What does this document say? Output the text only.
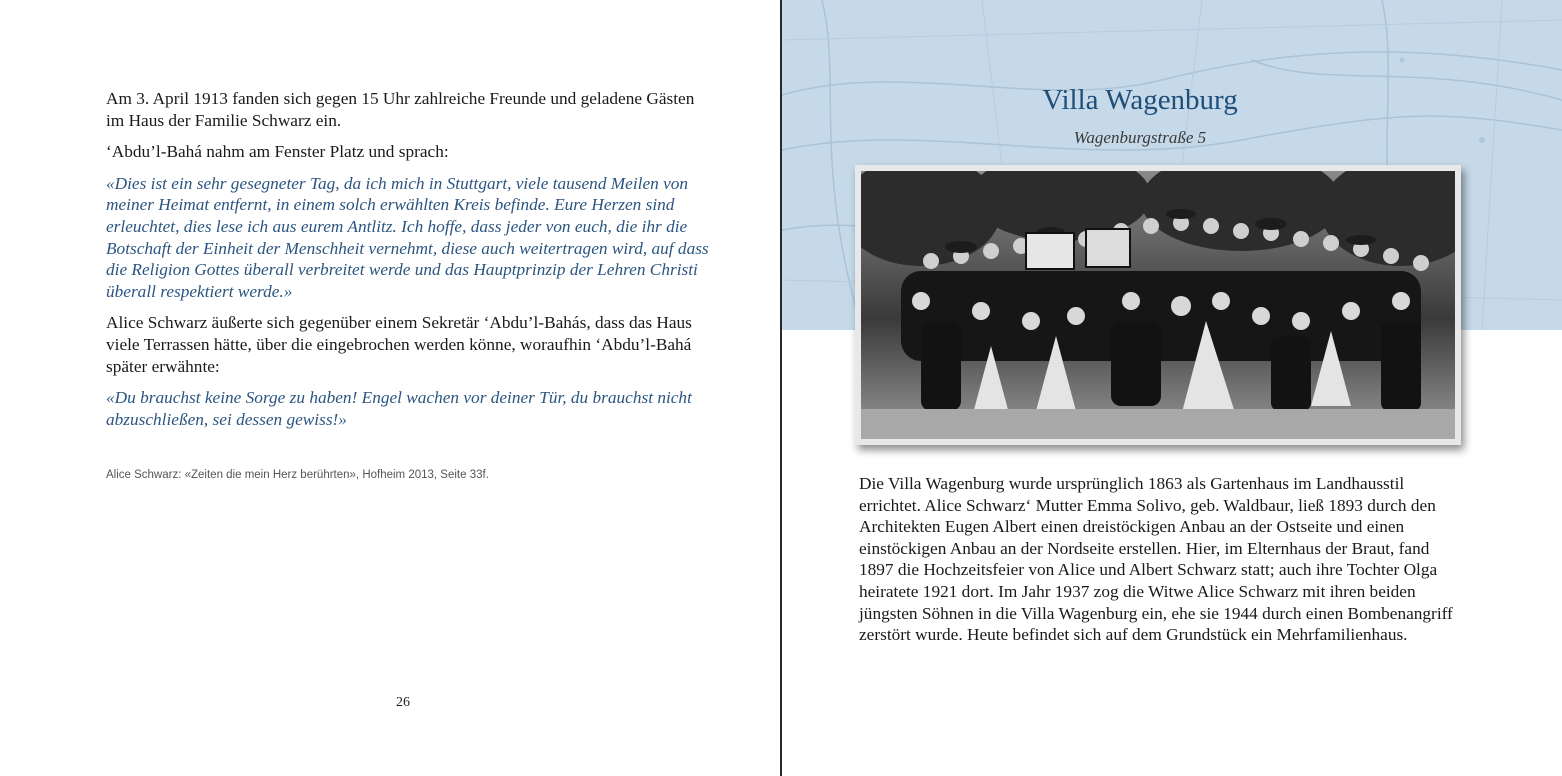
Am 3. April 1913 fanden sich gegen 15 Uhr zahlreiche Freunde und geladene Gästen im Haus der Familie Schwarz ein.

‘Abdu’l-Bahá nahm am Fenster Platz und sprach:

«Dies ist ein sehr gesegneter Tag, da ich mich in Stuttgart, viele tausend Meilen von meiner Heimat entfernt, in einem solch erwählten Kreis befinde. Eure Herzen sind erleuchtet, dies lese ich aus eurem Antlitz. Ich hoffe, dass jeder von euch, die ihr die Botschaft der Einheit der Menschheit vernehmt, diese auch weitertragen wird, auf dass die Religion Gottes überall verbreitet werde und das Hauptprinzip der Lehren Christi überall respektiert werde.»

Alice Schwarz äußerte sich gegenüber einem Sekretär ‘Abdu’l-Bahás, dass das Haus viele Terrassen hätte, über die eingebrochen werden könne, woraufhin ‘Abdu’l-Bahá später erwähnte:

«Du brauchst keine Sorge zu haben! Engel wachen vor deiner Tür, du brauchst nicht abzuschließen, sei dessen gewiss!»

Alice Schwarz: «Zeiten die mein Herz berührten», Hofheim 2013, Seite 33f.
26
Villa Wagenburg
Wagenburgstraße 5
Die Villa Wagenburg wurde ursprünglich 1863 als Gartenhaus im Landhausstil errichtet. Alice Schwarz‘ Mutter Emma Solivo, geb. Waldbaur, ließ 1893 durch den Architekten Eugen Albert einen dreistöckigen Anbau an der Ostseite und einen einstöckigen Anbau an der Nordseite erstellen. Hier, im Elternhaus der Braut, fand 1897 die Hochzeitsfeier von Alice und Albert Schwarz statt; auch ihre Tochter Olga heiratete 1921 dort. Im Jahr 1937 zog die Witwe Alice Schwarz mit ihren beiden jüngsten Söhnen in die Villa Wagenburg ein, ehe sie 1944 durch einen Bombenangriff zerstört wurde. Heute befindet sich auf dem Grundstück ein Mehrfamilienhaus.
